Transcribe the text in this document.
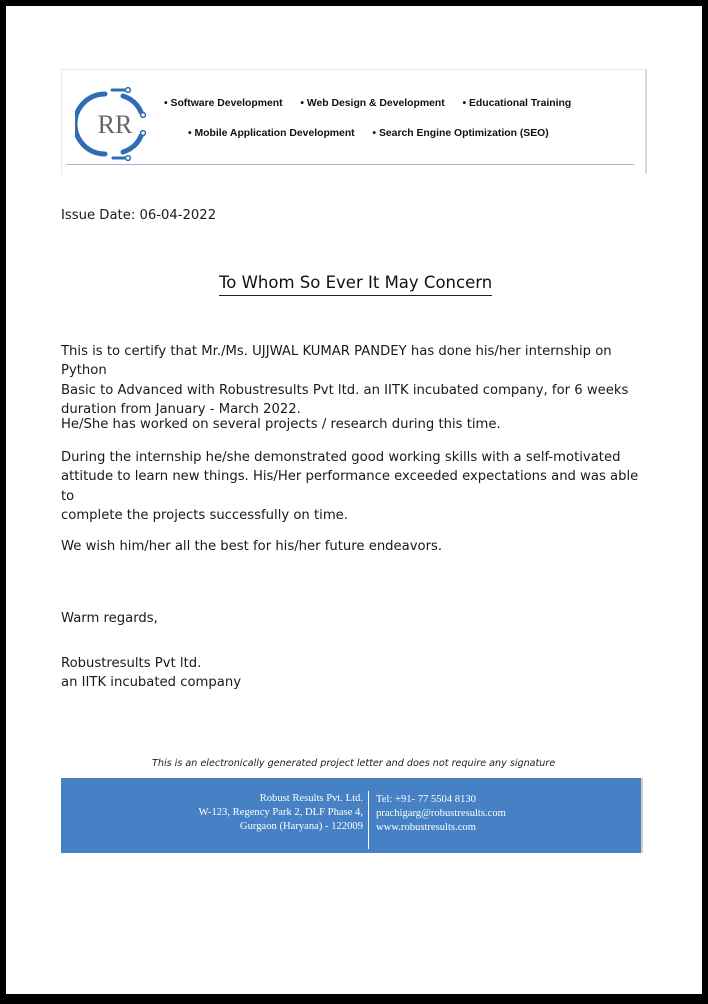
RR
• Software Development • Web Design & Development • Educational Training
• Mobile Application Development • Search Engine Optimization (SEO)
Issue Date: 06-04-2022
To Whom So Ever It May Concern

This is to certify that Mr./Ms. UJJWAL KUMAR PANDEY has done his/her internship on Python
Basic to Advanced with Robustresults Pvt ltd. an IITK incubated company, for 6 weeks
duration from January - March 2022.

He/She has worked on several projects / research during this time.

During the internship he/she demonstrated good working skills with a self-motivated
attitude to learn new things. His/Her performance exceeded expectations and was able to
complete the projects successfully on time.

We wish him/her all the best for his/her future endeavors.

Warm regards,

Robustresults Pvt ltd.
an IITK incubated company

This is an electronically generated project letter and does not require any signature
Robust Results Pvt. Ltd.
W-123, Regency Park 2, DLF Phase 4,
Gurgaon (Haryana) - 122009
Tel: +91- 77 5504 8130
prachigarg@robustresults.com
www.robustresults.com
